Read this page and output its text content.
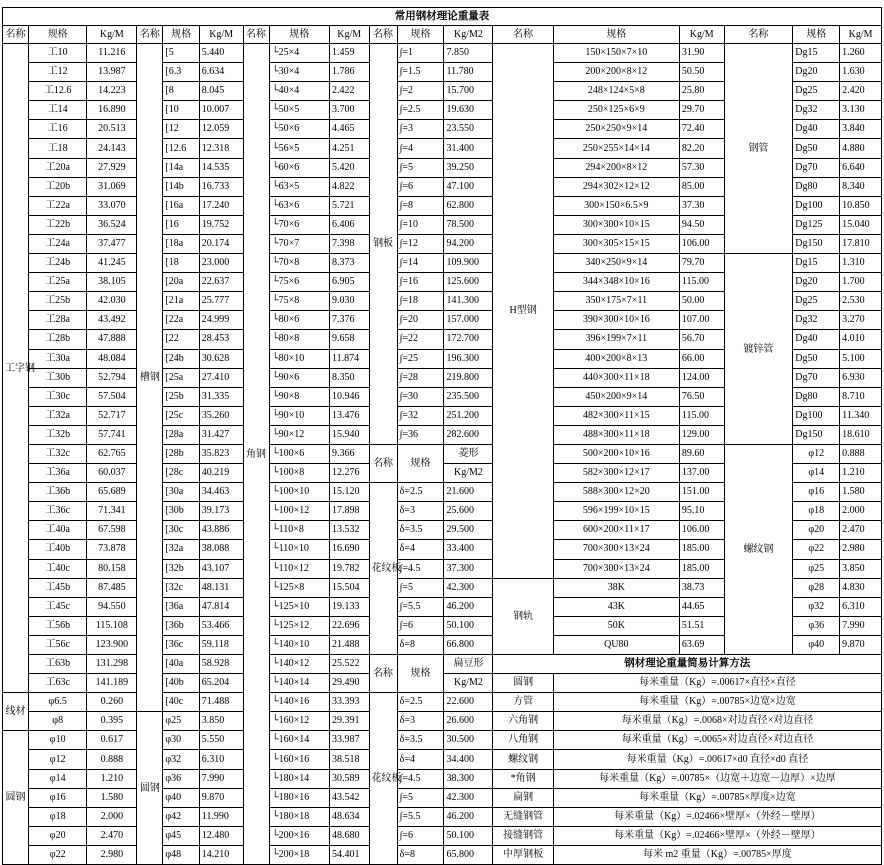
常用钢材理论重量表																	
名称	规格	Kg/M	名称	规格	Kg/M	名称	规格	Kg/M	名称	规格	Kg/M2	名称	规格	Kg/M	名称	规格	Kg/M
工字钢	工10	11.216	槽钢	[5	5.440	角钢	└25×4	1.459	钢板	∫=1	7.850	H型钢	150×150×7×10	31.90	钢管	Dg15	1.260
	工12	13.987		[6.3	6.634		└30×4	1.786		∫=1.5	11.780		200×200×8×12	50.50		Dg20	1.630
	工12.6	14.223		[8	8.045		└40×4	2.422		∫=2	15.700		248×124×5×8	25.80		Dg25	2.420
	工14	16.890		[10	10.007		└50×5	3.700		∫=2.5	19.630		250×125×6×9	29.70		Dg32	3.130
	工16	20.513		[12	12.059		└50×6	4.465		∫=3	23.550		250×250×9×14	72.40		Dg40	3.840
	工18	24.143		[12.6	12.318		└56×5	4.251		∫=4	31.400		250×255×14×14	82.20		Dg50	4.880
	工20a	27.929		[14a	14.535		└60×6	5.420		∫=5	39.250		294×200×8×12	57.30		Dg70	6.640
	工20b	31.069		[14b	16.733		└63×5	4.822		∫=6	47.100		294×302×12×12	85.00		Dg80	8.340
	工22a	33.070		[16a	17.240		└63×6	5.721		∫=8	62.800		300×150×6.5×9	37.30		Dg100	10.850
	工22b	36.524		[16	19.752		└70×6	6.406		∫=10	78.500		300×300×10×15	94.50		Dg125	15.040
	工24a	37.477		[18a	20.174		└70×7	7.398		∫=12	94.200		300×305×15×15	106.00		Dg150	17.810
	工24b	41.245		[18	23.000		└70×8	8.373		∫=14	109.900		340×250×9×14	79.70	镀锌管	Dg15	1.310
	工25a	38.105		[20a	22.637		└75×6	6.905		∫=16	125.600		344×348×10×16	115.00		Dg20	1.700
	工25b	42.030		[21a	25.777		└75×8	9.030		∫=18	141.300		350×175×7×11	50.00		Dg25	2.530
	工28a	43.492		[22a	24.999		└80×6	7.376		∫=20	157.000		390×300×10×16	107.00		Dg32	3.270
	工28b	47.888		[22	28.453		└80×8	9.658		∫=22	172.700		396×199×7×11	56.70		Dg40	4.010
	工30a	48.084		[24b	30.628		└80×10	11.874		∫=25	196.300		400×200×8×13	66.00		Dg50	5.100
	工30b	52.794		[25a	27.410		└90×6	8.350		∫=28	219.800		440×300×11×18	124.00		Dg70	6.930
	工30c	57.504		[25b	31.335		└90×8	10.946		∫=30	235.500		450×200×9×14	76.50		Dg80	8.710
	工32a	52.717		[25c	35.260		└90×10	13.476		∫=32	251.200		482×300×11×15	115.00		Dg100	11.340
	工32b	57.741		[28a	31.427		└90×12	15.940		∫=36	282.600		488×300×11×18	129.00		Dg150	18.610
	工32c	62.765		[28b	35.823		└100×6	9.366	名称	规格	菱形		500×200×10×16	89.60	螺纹钢	φ12	0.888
	工36a	60.037		[28c	40.219		└100×8	12.276			Kg/M2		582×300×12×17	137.00		φ14	1.210
	工36b	65.689		[30a	34.463		└100×10	15.120	花纹板	δ=2.5	21.600		588×300×12×20	151.00		φ16	1.580
	工36c	71.341		[30b	39.173		└100×12	17.898		δ=3	25.600		596×199×10×15	95.10		φ18	2.000
	工40a	67.598		[30c	43.886		└110×8	13.532		δ=3.5	29.500		600×200×11×17	106.00		φ20	2.470
	工40b	73.878		[32a	38.088		└110×10	16.690		δ=4	33.400		700×300×13×24	185.00		φ22	2.980
	工40c	80.158		[32b	43.107		└110×12	19.782		∫=4.5	37.300		700×300×13×24	185.00		φ25	3.850
	工45b	87.485		[32c	48.131		└125×8	15.504		∫=5	42.300	钢轨	38K	38.73		φ28	4.830
	工45c	94.550		[36a	47.814		└125×10	19.133		∫=5.5	46.200		43K	44.65		φ32	6.310
	工56b	115.108		[36b	53.466		└125×12	22.696		∫=6	50.100		50K	51.51		φ36	7.990
	工56c	123.900		[36c	59.118		└140×10	21.488		δ=8	66.800		QU80	63.69		φ40	9.870
	工63b	131.298		[40a	58.928		└140×12	25.522	名称	规格	扁豆形	钢材理论重量简易计算方法					
	工63c	141.189		[40b	65.204		└140×14	29.490			Kg/M2	圆钢	每米重量（Kg）=.00617×直径×直径				
线材	φ6.5	0.260		[40c	71.488		└140×16	33.393	花纹板	δ=2.5	22.600	方管	每米重量（Kg）=.00785×边宽×边宽				
	φ8	0.395	圆钢	φ25	3.850		└160×12	29.391		δ=3	26.600	六角钢	每米重量（Kg）=.0068×对边直径×对边直径				
圆钢	φ10	0.617		φ30	5.550		└160×14	33.987		δ=3.5	30.500	八角钢	每米重量（Kg）=.0065×对边直径×对边直径				
	φ12	0.888		φ32	6.310		└160×16	38.518		δ=4	34.400	螺纹钢	每米重量（Kg）=.00617×d0 直径×d0 直径				
	φ14	1.210		φ36	7.990		└180×14	30.589		∫=4.5	38.300	*角钢	每米重量（Kg）=.00785×（边宽＋边宽－边厚）×边厚				
	φ16	1.580		φ40	9.870		└180×16	43.542		∫=5	42.300	扁钢	每米重量（Kg）=.00785×厚度×边宽				
	φ18	2.000		φ42	11.990		└180×18	48.634		∫=5.5	46.200	无缝钢管	每米重量（Kg）=.02466×壁厚×（外经－壁厚）				
	φ20	2.470		φ45	12.480		└200×16	48.680		∫=6	50.100	接缝钢管	每米重量（Kg）=.02466×壁厚×（外经－壁厚）				
	φ22	2.980		φ48	14.210		└200×18	54.401		δ=8	65.800	中厚钢板	每米 m2 重量（Kg）=.00785×厚度				
